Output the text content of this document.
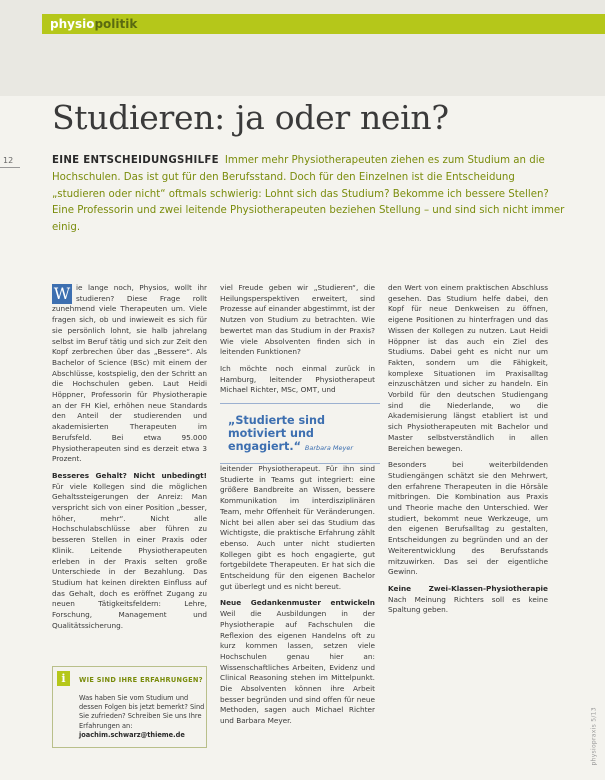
physiopolitik
Studieren: ja oder nein?
12	EINE ENTSCHEIDUNGSHILFE Immer mehr Physiotherapeuten ziehen es zum Studium an die Hochschulen. Das ist gut für den Berufsstand. Doch für den Einzelnen ist die Entscheidung „studieren oder nicht“ oftmals schwierig: Lohnt sich das Studium? Bekomme ich bessere Stellen? Eine Professorin und zwei leitende Physiotherapeuten beziehen Stellung – und sind sich nicht immer einig.

W ie lange noch, Physios, wollt ihr studieren? Diese Frage rollt zunehmend viele Therapeuten um. Viele fragen sich, ob und inwieweit es sich für sie persönlich lohnt, sie halb jahrelang selbst im Beruf tätig und sich zur Zeit den Kopf zerbrechen über das „Bessere“. Als Bachelor of Science (BSc) mit einem der Abschlüsse, kostspielig, den der Schritt an die Hochschulen geben. Laut Heidi Höppner, Professorin für Physiotherapie an der FH Kiel, erhöhen neue Standards den Anteil der studierenden und akademisierten Therapeuten im Berufsfeld. Bei etwa 95.000 Physiotherapeuten sind es derzeit etwa 3 Prozent.

Besseres Gehalt? Nicht unbedingt! Für viele Kollegen sind die möglichen Gehaltssteigerungen der Anreiz: Man verspricht sich von einer Position „besser, höher, mehr“. Nicht alle Hochschulabschlüsse aber führen zu besseren Stellen in einer Praxis oder Klinik. Leitende Physiotherapeuten erleben in der Praxis selten große Unterschiede in der Bezahlung. Das Studium hat keinen direkten Einfluss auf das Gehalt, doch es eröffnet Zugang zu neuen Tätigkeitsfeldern: Lehre, Forschung, Management und Qualitätssicherung.

viel Freude geben wir „Studieren“, die Heilungsperspektiven erweitert, sind Prozesse auf einander abgestimmt, ist der Nutzen von Studium zu betrachten. Wie bewertet man das Studium in der Praxis? Wie viele Absolventen finden sich in leitenden Funktionen?

Ich möchte noch einmal zurück in Hamburg, leitender Physiotherapeut Michael Richter, MSc, OMT, und

„Studierte sind motiviert und engagiert.“ Barbara Meyer

leitender Physiotherapeut. Für ihn sind Studierte in Teams gut integriert: eine größere Bandbreite an Wissen, bessere Kommunikation im interdisziplinären Team, mehr Offenheit für Veränderungen. Nicht bei allen aber sei das Studium das Wichtigste, die praktische Erfahrung zählt ebenso. Auch unter nicht studierten Kollegen gibt es hoch engagierte, gut fortgebildete Therapeuten. Er hat sich die Entscheidung für den eigenen Bachelor gut überlegt und es nicht bereut.

Neue Gedankenmuster entwickeln Weil die Ausbildungen in der Physiotherapie auf Fachschulen die Reflexion des eigenen Handelns oft zu kurz kommen lassen, setzen viele Hochschulen genau hier an: Wissenschaftliches Arbeiten, Evidenz und Clinical Reasoning stehen im Mittelpunkt. Die Absolventen können ihre Arbeit besser begründen und sind offen für neue Methoden, sagen auch Michael Richter und Barbara Meyer.

den Wert von einem praktischen Abschluss gesehen. Das Studium helfe dabei, den Kopf für neue Denkweisen zu öffnen, eigene Positionen zu hinterfragen und das Wissen der Kollegen zu nutzen. Laut Heidi Höppner ist das auch ein Ziel des Studiums. Dabei geht es nicht nur um Fakten, sondern um die Fähigkeit, komplexe Situationen im Praxisalltag einzuschätzen und sicher zu handeln. Ein Vorbild für den deutschen Studiengang sind die Niederlande, wo die Akademisierung längst etabliert ist und sich Physiotherapeuten mit Bachelor und Master selbstverständlich in allen Bereichen bewegen.

Besonders bei weiterbildenden Studiengängen schätzt sie den Mehrwert, den erfahrene Therapeuten in die Hörsäle mitbringen. Die Kombination aus Praxis und Theorie mache den Unterschied. Wer studiert, bekommt neue Werkzeuge, um den eigenen Berufsalltag zu gestalten, Entscheidungen zu begründen und an der Weiterentwicklung des Berufsstands mitzuwirken. Das sei der eigentliche Gewinn.

Keine Zwei-Klassen-Physiotherapie Nach Meinung Richters soll es keine Spaltung geben.

i	WIE SIND IHRE ERFAHRUNGEN?
Was haben Sie vom Studium und dessen Folgen bis jetzt bemerkt? Sind Sie zufrieden? Schreiben Sie uns Ihre Erfahrungen an:
joachim.schwarz@thieme.de	physiopraxis 5/13
